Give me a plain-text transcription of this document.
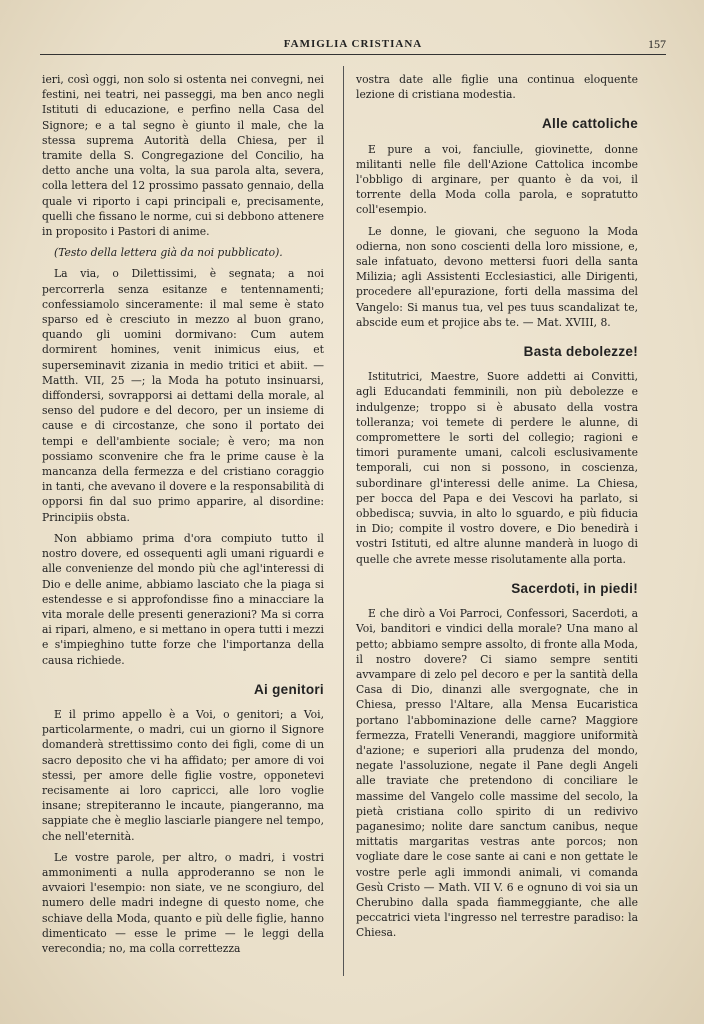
FAMIGLIA CRISTIANA	157

ieri, così oggi, non solo si ostenta nei convegni, nei festini, nei teatri, nei passeggi, ma ben anco negli Istituti di educazione, e perfino nella Casa del Signore; e a tal segno è giunto il male, che la stessa suprema Autorità della Chiesa, per il tramite della S. Congregazione del Concilio, ha detto anche una volta, la sua parola alta, severa, colla lettera del 12 prossimo passato gennaio, della quale vi riporto i capi principali e, precisamente, quelli che fissano le norme, cui si debbono attenere in proposito i Pastori di anime.

(Testo della lettera già da noi pubblicato).

La via, o Dilettissimi, è segnata; a noi percorrerla senza esitanze e tentennamenti; confessiamolo sinceramente: il mal seme è stato sparso ed è cresciuto in mezzo al buon grano, quando gli uomini dormivano: Cum autem dormirent homines, venit inimicus eius, et superseminavit zizania in medio tritici et abiit. — Matth. VII, 25 —; la Moda ha potuto insinuarsi, diffondersi, sovrapporsi ai dettami della morale, al senso del pudore e del decoro, per un insieme di cause e di circostanze, che sono il portato dei tempi e dell'ambiente sociale; è vero; ma non possiamo sconvenire che fra le prime cause è la mancanza della fermezza e del cristiano coraggio in tanti, che avevano il dovere e la responsabilità di opporsi fin dal suo primo apparire, al disordine: Principiis obsta.

Non abbiamo prima d'ora compiuto tutto il nostro dovere, ed ossequenti agli umani riguardi e alle convenienze del mondo più che agl'interessi di Dio e delle anime, abbiamo lasciato che la piaga si estendesse e si approfondisse fino a minacciare la vita morale delle presenti generazioni? Ma si corra ai ripari, almeno, e si mettano in opera tutti i mezzi e s'impieghino tutte forze che l'importanza della causa richiede.

Ai genitori

E il primo appello è a Voi, o genitori; a Voi, particolarmente, o madri, cui un giorno il Signore domanderà strettissimo conto dei figli, come di un sacro deposito che vi ha affidato; per amore di voi stessi, per amore delle figlie vostre, opponetevi recisamente ai loro capricci, alle loro voglie insane; strepiteranno le incaute, piangeranno, ma sappiate che è meglio lasciarle piangere nel tempo, che nell'eternità.

Le vostre parole, per altro, o madri, i vostri ammonimenti a nulla approderanno se non le avvaiori l'esempio: non siate, ve ne scongiuro, del numero delle madri indegne di questo nome, che schiave della Moda, quanto e più delle figlie, hanno dimenticato — esse le prime — le leggi della verecondia; no, ma colla correttezza

vostra date alle figlie una continua eloquente lezione di cristiana modestia.

Alle cattoliche

E pure a voi, fanciulle, giovinette, donne militanti nelle file dell'Azione Cattolica incombe l'obbligo di arginare, per quanto è da voi, il torrente della Moda colla parola, e sopratutto coll'esempio.

Le donne, le giovani, che seguono la Moda odierna, non sono coscienti della loro missione, e, sale infatuato, devono mettersi fuori della santa Milizia; agli Assistenti Ecclesiastici, alle Dirigenti, procedere all'epurazione, forti della massima del Vangelo: Si manus tua, vel pes tuus scandalizat te, abscide eum et projice abs te. — Mat. XVIII, 8.

Basta debolezze!

Istitutrici, Maestre, Suore addetti ai Convitti, agli Educandati femminili, non più debolezze e indulgenze; troppo si è abusato della vostra tolleranza; voi temete di perdere le alunne, di compromettere le sorti del collegio; ragioni e timori puramente umani, calcoli esclusivamente temporali, cui non si possono, in coscienza, subordinare gl'interessi delle anime. La Chiesa, per bocca del Papa e dei Vescovi ha parlato, si obbedisca; suvvia, in alto lo sguardo, e più fiducia in Dio; compite il vostro dovere, e Dio benedirà i vostri Istituti, ed altre alunne manderà in luogo di quelle che avrete messe risolutamente alla porta.

Sacerdoti, in piedi!

E che dirò a Voi Parroci, Confessori, Sacerdoti, a Voi, banditori e vindici della morale? Una mano al petto; abbiamo sempre assolto, di fronte alla Moda, il nostro dovere? Ci siamo sempre sentiti avvampare di zelo pel decoro e per la santità della Casa di Dio, dinanzi alle svergognate, che in Chiesa, presso l'Altare, alla Mensa Eucaristica portano l'abbominazione delle carne? Maggiore fermezza, Fratelli Venerandi, maggiore uniformità d'azione; e superiori alla prudenza del mondo, negate l'assoluzione, negate il Pane degli Angeli alle traviate che pretendono di conciliare le massime del Vangelo colle massime del secolo, la pietà cristiana collo spirito di un redivivo paganesimo; nolite dare sanctum canibus, neque mittatis margaritas vestras ante porcos; non vogliate dare le cose sante ai cani e non gettate le vostre perle agli immondi animali, vi comanda Gesù Cristo — Math. VII V. 6 e ognuno di voi sia un Cherubino dalla spada fiammeggiante, che alle peccatrici vieta l'ingresso nel terrestre paradiso: la Chiesa.
